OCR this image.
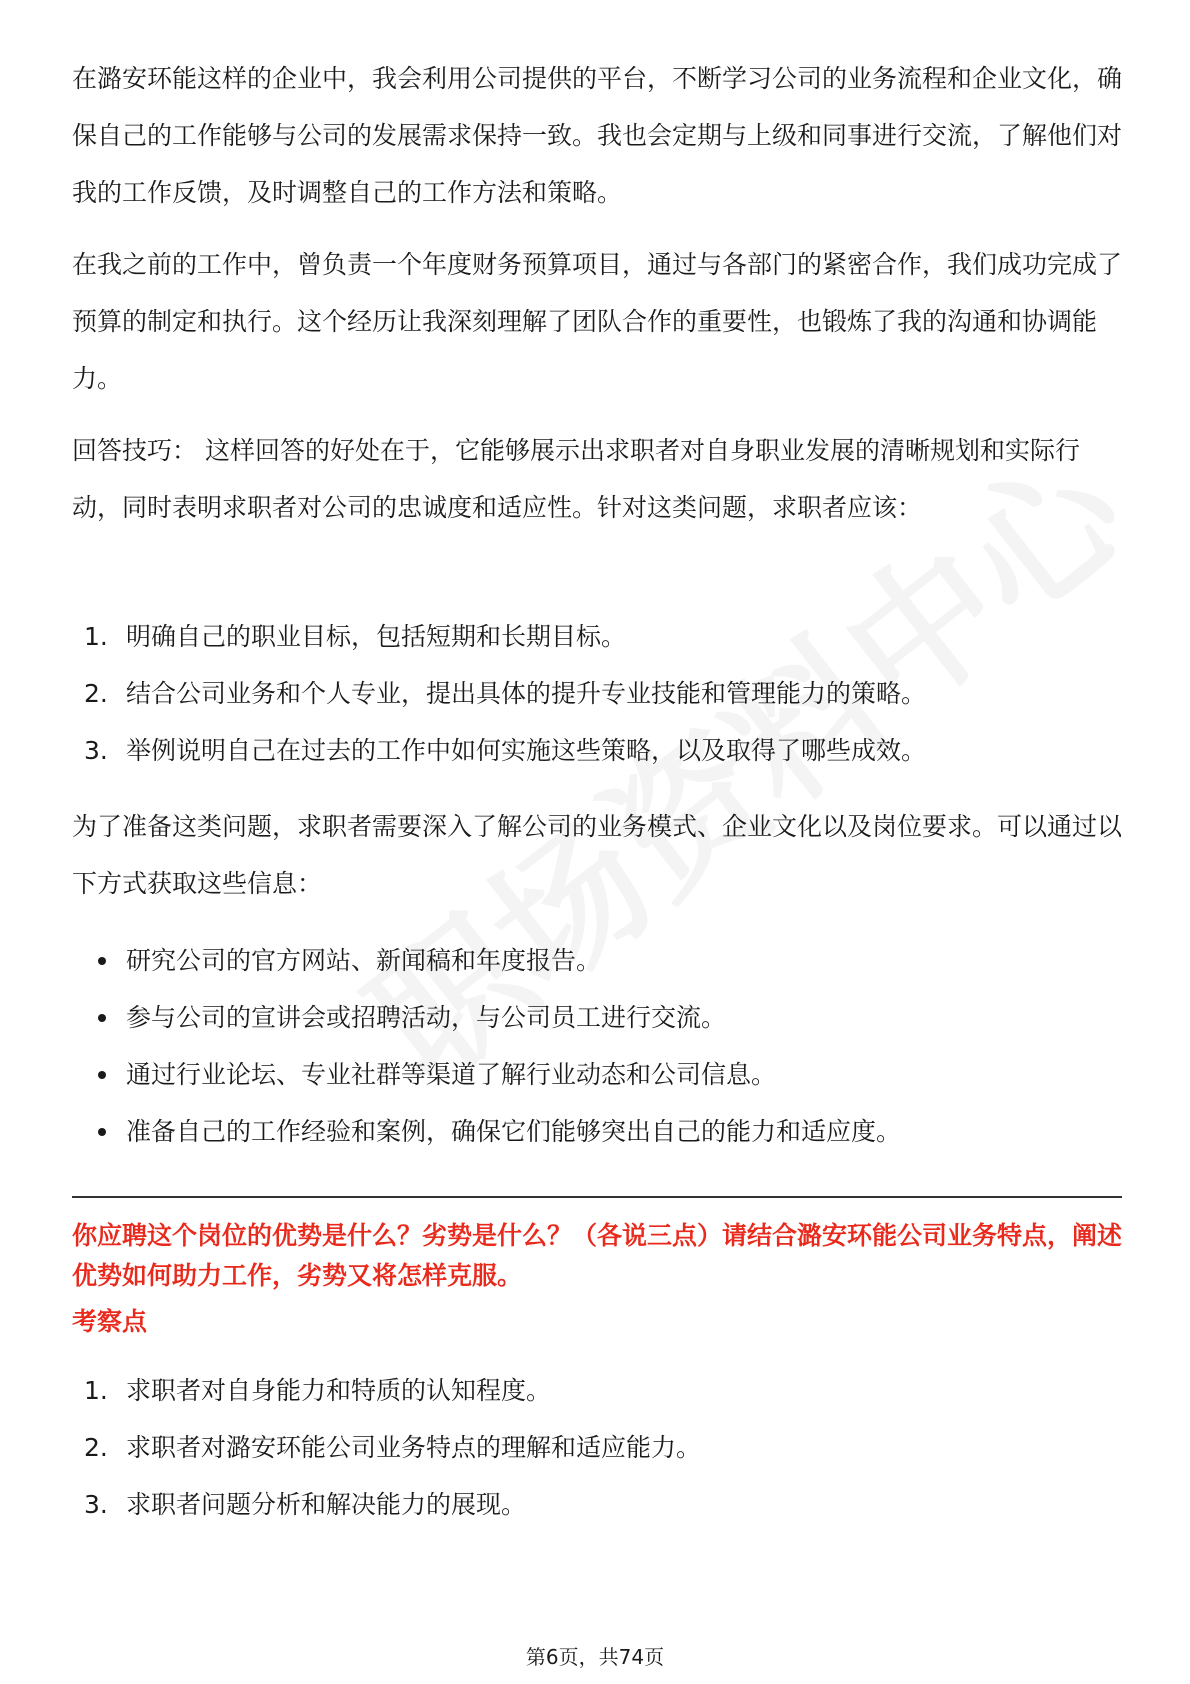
在潞安环能这样的企业中，我会利用公司提供的平台，不断学习公司的业务流程和企业文化，确保自己的工作能够与公司的发展需求保持一致。我也会定期与上级和同事进行交流，了解他们对我的工作反馈，及时调整自己的工作方法和策略。

在我之前的工作中，曾负责一个年度财务预算项目，通过与各部门的紧密合作，我们成功完成了预算的制定和执行。这个经历让我深刻理解了团队合作的重要性，也锻炼了我的沟通和协调能力。

回答技巧： 这样回答的好处在于，它能够展示出求职者对自身职业发展的清晰规划和实际行动，同时表明求职者对公司的忠诚度和适应性。针对这类问题，求职者应该：

1. 明确自己的职业目标，包括短期和长期目标。
2. 结合公司业务和个人专业，提出具体的提升专业技能和管理能力的策略。
3. 举例说明自己在过去的工作中如何实施这些策略，以及取得了哪些成效。

为了准备这类问题，求职者需要深入了解公司的业务模式、企业文化以及岗位要求。可以通过以下方式获取这些信息：

研究公司的官方网站、新闻稿和年度报告。
参与公司的宣讲会或招聘活动，与公司员工进行交流。
通过行业论坛、专业社群等渠道了解行业动态和公司信息。
准备自己的工作经验和案例，确保它们能够突出自己的能力和适应度。

你应聘这个岗位的优势是什么？劣势是什么？（各说三点）请结合潞安环能公司业务特点，阐述优势如何助力工作，劣势又将怎样克服。

考察点

1. 求职者对自身能力和特质的认知程度。
2. 求职者对潞安环能公司业务特点的理解和适应能力。
3. 求职者问题分析和解决能力的展现。
第6页，共74页
